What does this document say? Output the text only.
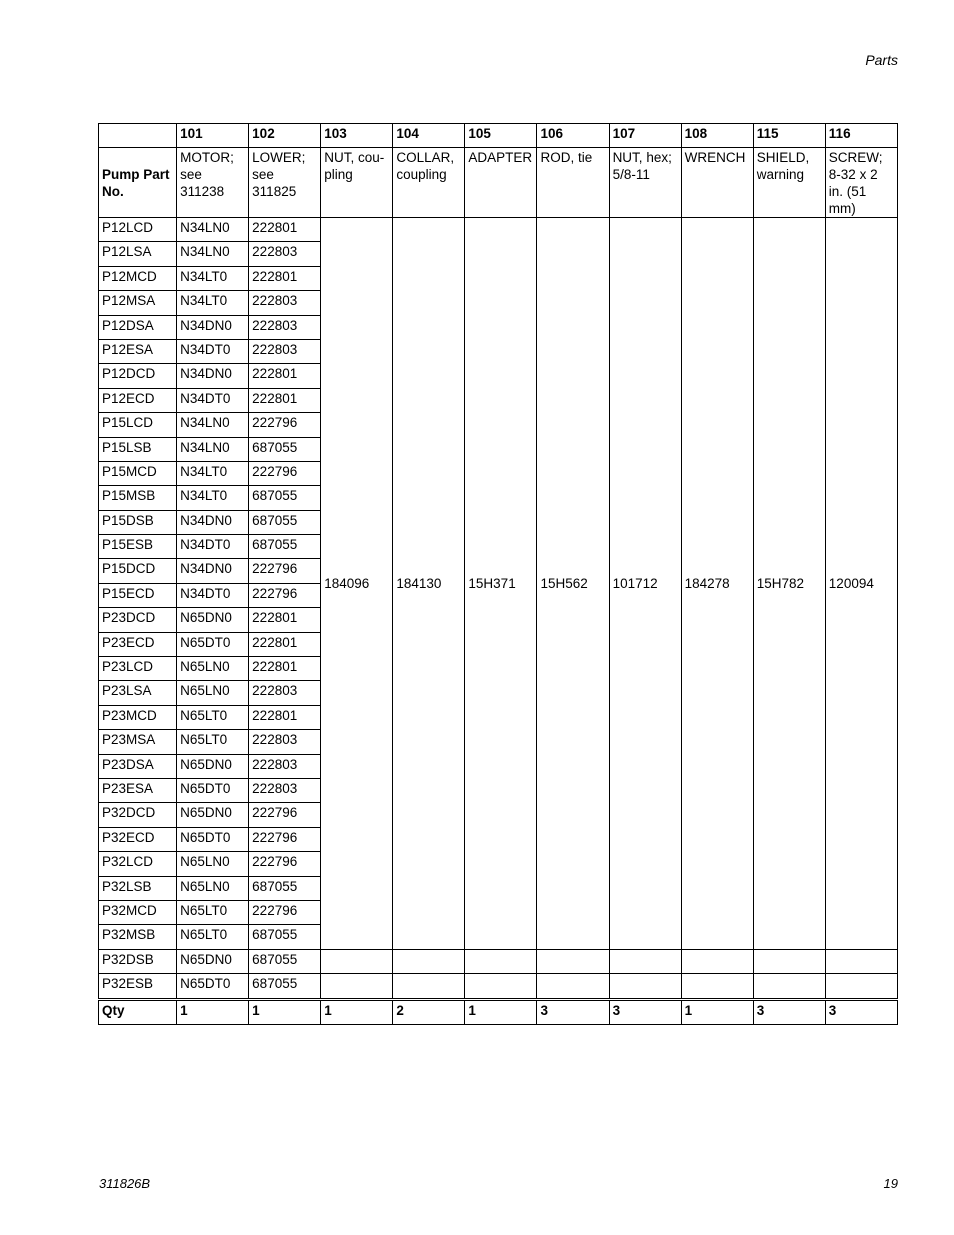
Parts
	101	102	103	104	105	106	107	108	115	116
Pump Part No.	MOTOR; see 311238	LOWER; see 311825	NUT, cou-pling	COLLAR, coupling	ADAPTER	ROD, tie	NUT, hex; 5/8-11	WRENCH	SHIELD, warning	SCREW; 8-32 x 2 in. (51 mm)
P12LCD	N34LN0	222801	184096	184130	15H371	15H562	101712	184278	15H782	120094
P12LSA	N34LN0	222803								
P12MCD	N34LT0	222801								
P12MSA	N34LT0	222803								
P12DSA	N34DN0	222803								
P12ESA	N34DT0	222803								
P12DCD	N34DN0	222801								
P12ECD	N34DT0	222801								
P15LCD	N34LN0	222796								
P15LSB	N34LN0	687055								
P15MCD	N34LT0	222796								
P15MSB	N34LT0	687055								
P15DSB	N34DN0	687055								
P15ESB	N34DT0	687055								
P15DCD	N34DN0	222796								
P15ECD	N34DT0	222796								
P23DCD	N65DN0	222801								
P23ECD	N65DT0	222801								
P23LCD	N65LN0	222801								
P23LSA	N65LN0	222803								
P23MCD	N65LT0	222801								
P23MSA	N65LT0	222803								
P23DSA	N65DN0	222803								
P23ESA	N65DT0	222803								
P32DCD	N65DN0	222796								
P32ECD	N65DT0	222796								
P32LCD	N65LN0	222796								
P32LSB	N65LN0	687055								
P32MCD	N65LT0	222796								
P32MSB	N65LT0	687055								
P32DSB	N65DN0	687055								
P32ESB	N65DT0	687055								
Qty	1	1	1	2	1	3	3	1	3	3
311826B	19
